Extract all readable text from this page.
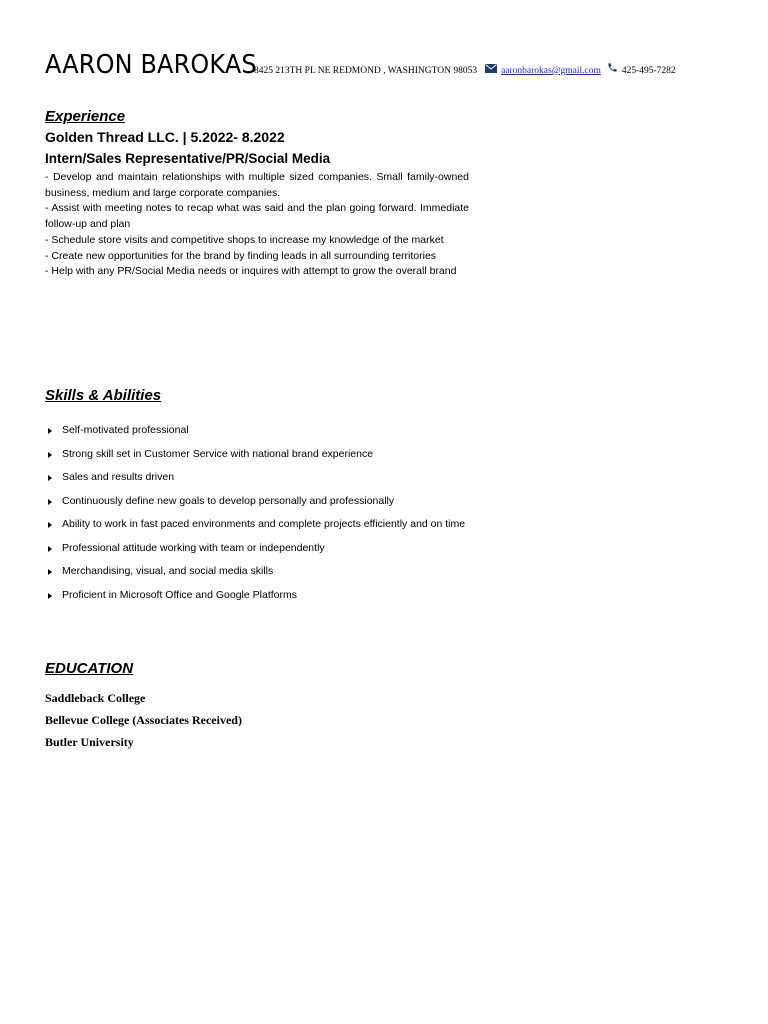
AARON BAROKAS
8425 213TH PL NE REDMOND , WASHINGTON 98053	aaronbarokas@gmail.com 425-495-7282
Experience
Golden Thread LLC. | 5.2022- 8.2022
Intern/Sales Representative/PR/Social Media

- Develop and maintain relationships with multiple sized companies. Small family-owned business, medium and large corporate companies.

- Assist with meeting notes to recap what was said and the plan going forward. Immediate follow-up and plan

- Schedule store visits and competitive shops to increase my knowledge of the market

- Create new opportunities for the brand by finding leads in all surrounding territories

- Help with any PR/Social Media needs or inquires with attempt to grow the overall brand

Skills & Abilities
Self-motivated professional
Strong skill set in Customer Service with national brand experience
Sales and results driven
Continuously define new goals to develop personally and professionally
Ability to work in fast paced environments and complete projects efficiently and on time
Professional attitude working with team or independently
Merchandising, visual, and social media skills
Proficient in Microsoft Office and Google Platforms
EDUCATION
Saddleback College
Bellevue College (Associates Received)
Butler University
